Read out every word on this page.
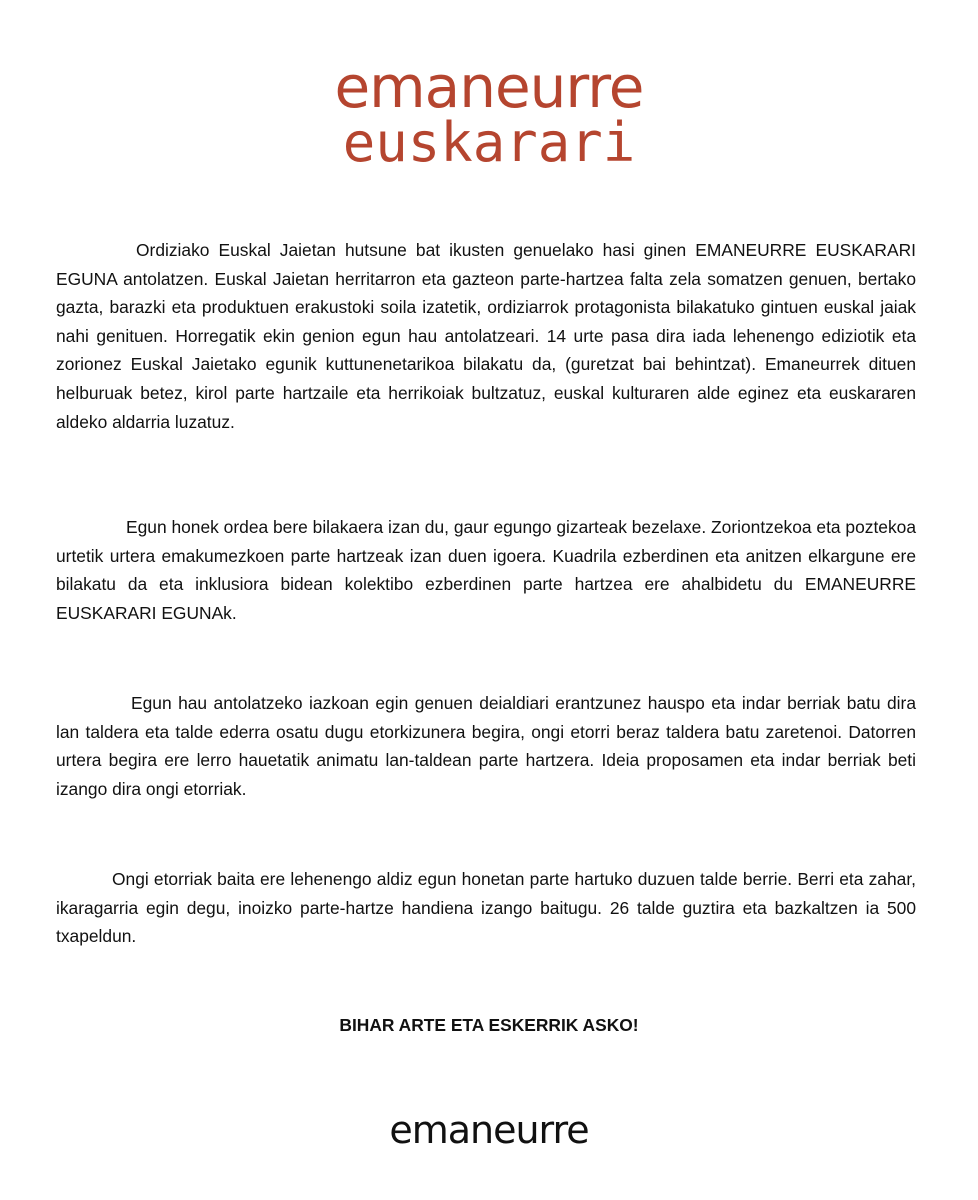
emaneurre
euskarari

Ordiziako Euskal Jaietan hutsune bat ikusten genuelako hasi ginen EMANEURRE EUSKARARI EGUNA antolatzen. Euskal Jaietan herritarron eta gazteon parte-hartzea falta zela somatzen genuen, bertako gazta, barazki eta produktuen erakustoki soila izatetik, ordiziarrok protagonista bilakatuko gintuen euskal jaiak nahi genituen. Horregatik ekin genion egun hau antolatzeari. 14 urte pasa dira iada lehenengo ediziotik eta zorionez Euskal Jaietako egunik kuttunenetarikoa bilakatu da, (guretzat bai behintzat). Emaneurrek dituen helburuak betez, kirol parte hartzaile eta herrikoiak bultzatuz, euskal kulturaren alde eginez eta euskararen aldeko aldarria luzatuz.

Egun honek ordea bere bilakaera izan du, gaur egungo gizarteak bezelaxe. Zoriontzekoa eta poztekoa urtetik urtera emakumezkoen parte hartzeak izan duen igoera. Kuadrila ezberdinen eta anitzen elkargune ere bilakatu da eta inklusiora bidean kolektibo ezberdinen parte hartzea ere ahalbidetu du EMANEURRE EUSKARARI EGUNAk.

Egun hau antolatzeko iazkoan egin genuen deialdiari erantzunez hauspo eta indar berriak batu dira lan taldera eta talde ederra osatu dugu etorkizunera begira, ongi etorri beraz taldera batu zaretenoi. Datorren urtera begira ere lerro hauetatik animatu lan-taldean parte hartzera. Ideia proposamen eta indar berriak beti izango dira ongi etorriak.

Ongi etorriak baita ere lehenengo aldiz egun honetan parte hartuko duzuen talde berrie. Berri eta zahar, ikaragarria egin degu, inoizko parte-hartze handiena izango baitugu. 26 talde guztira eta bazkaltzen ia 500 txapeldun.

BIHAR ARTE ETA ESKERRIK ASKO!
emaneurre
